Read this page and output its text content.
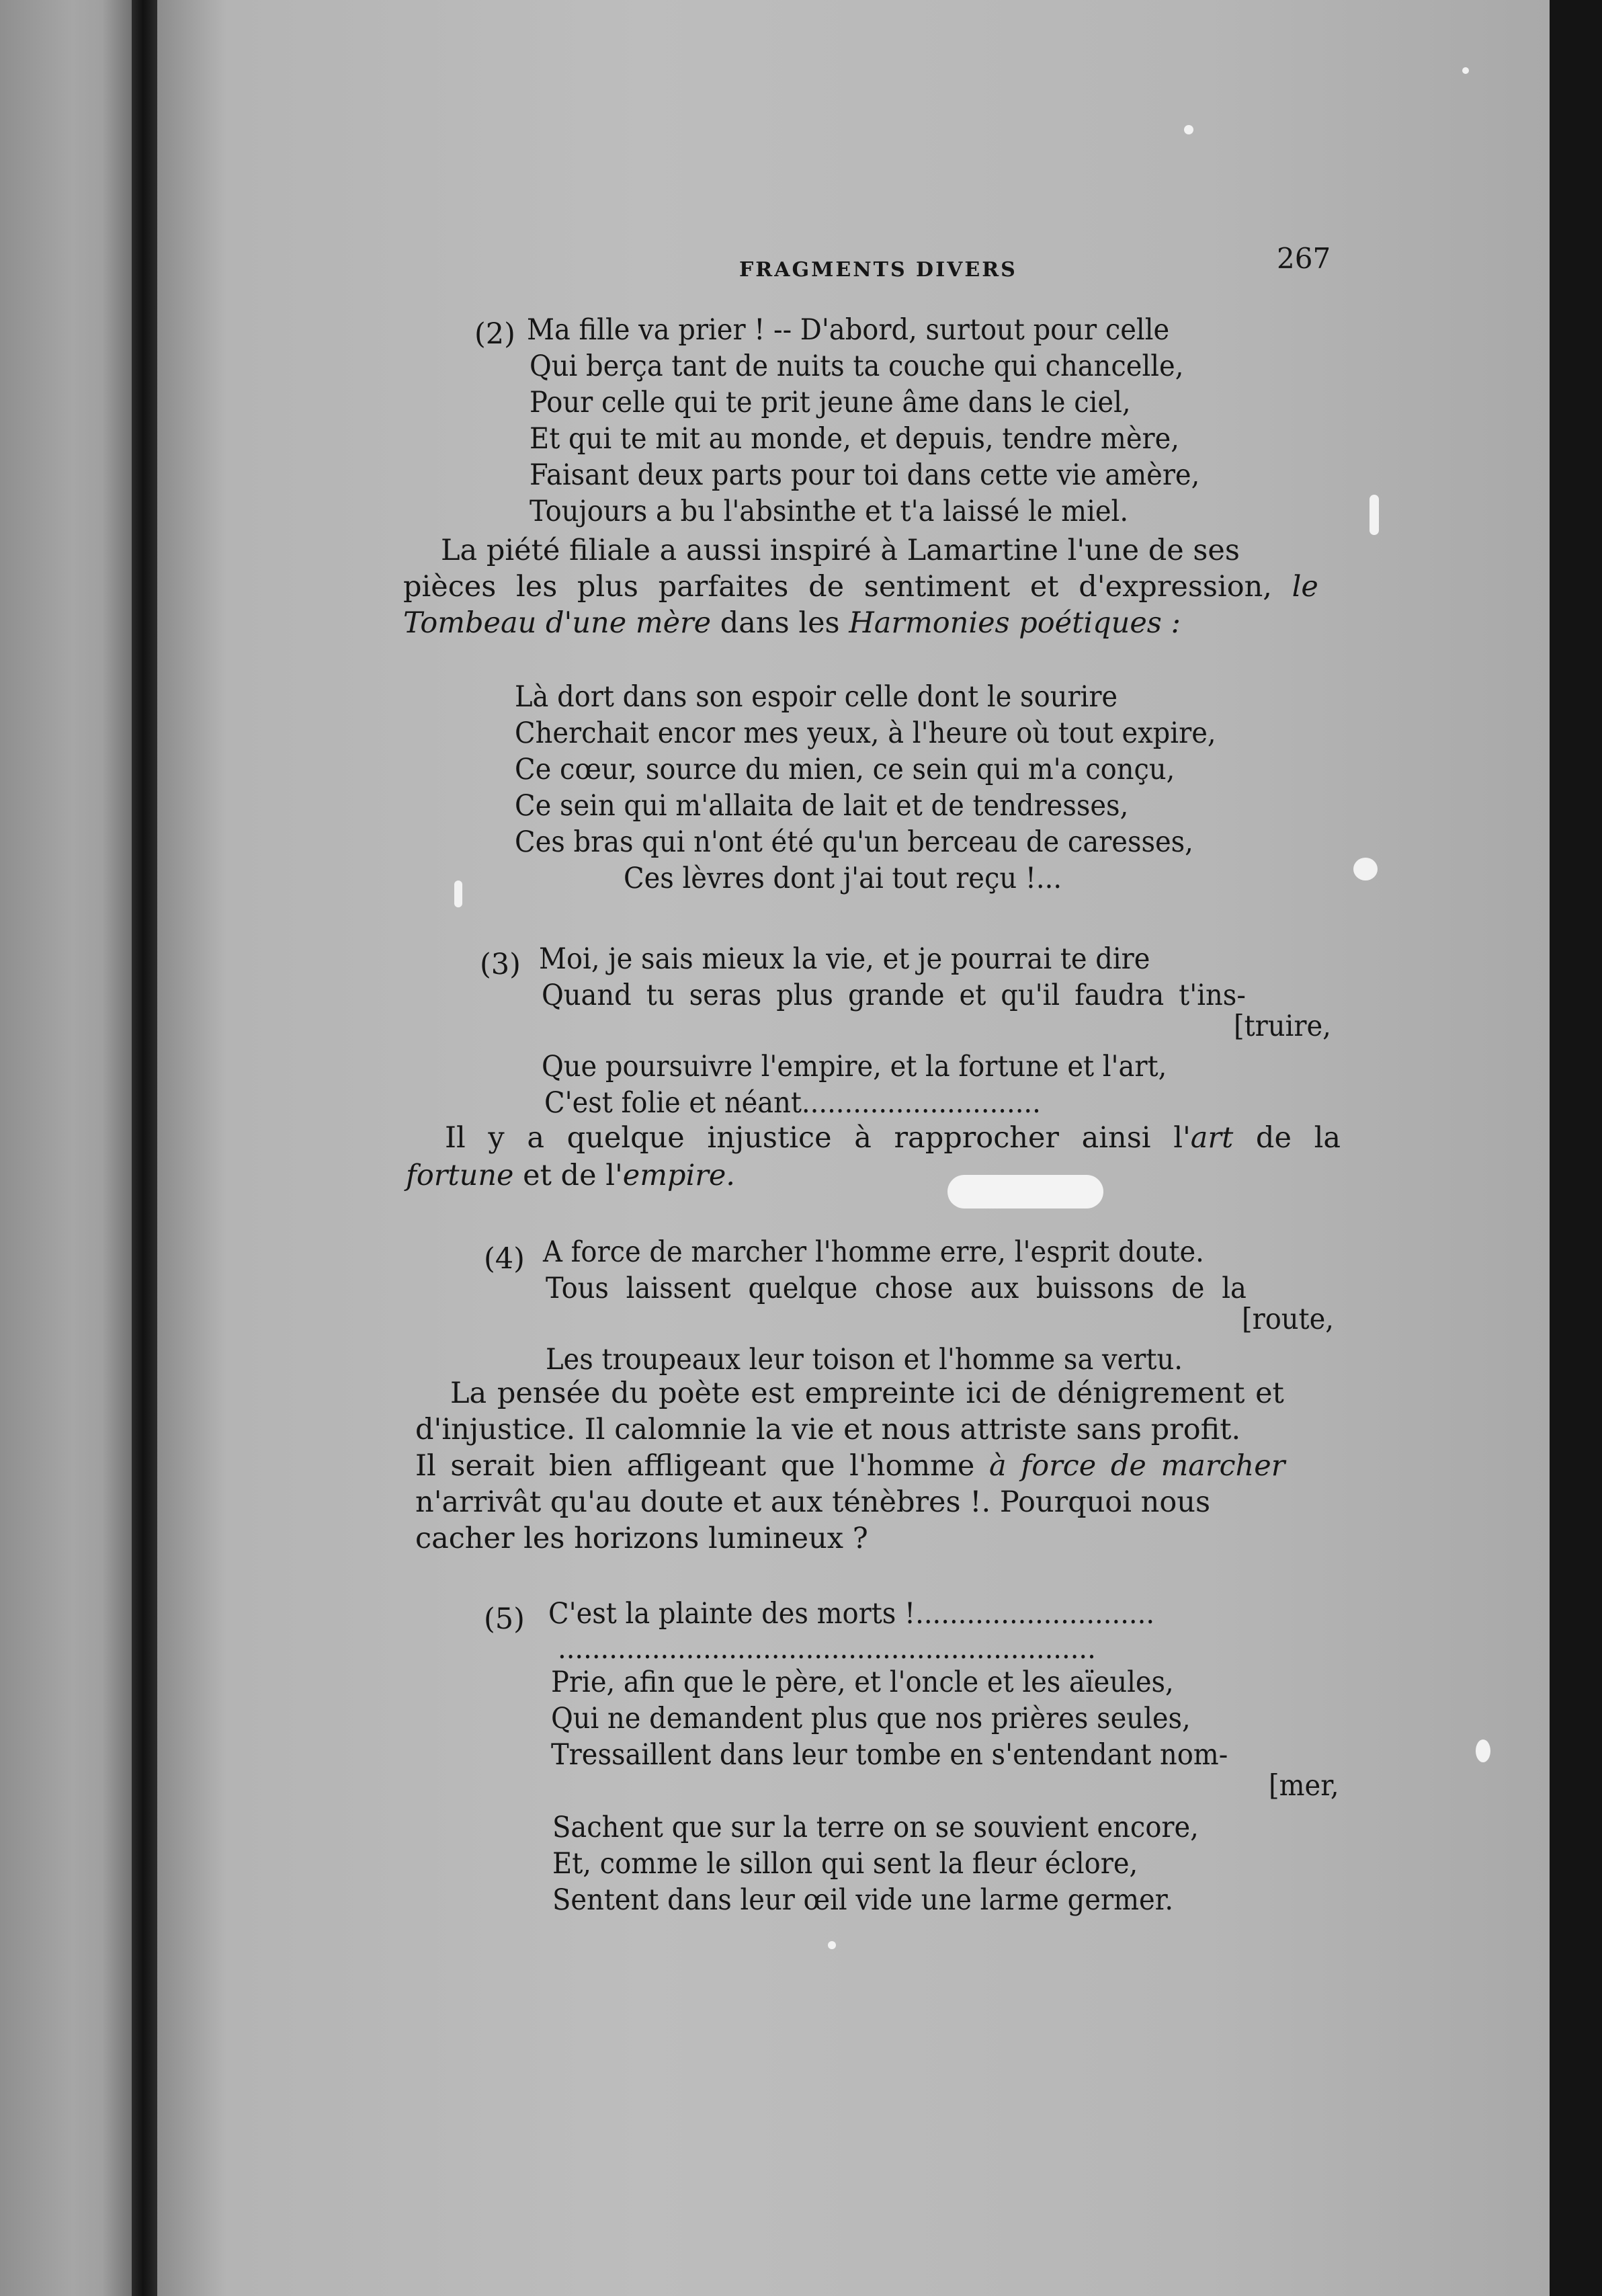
FRAGMENTS DIVERS	267

(2) Ma fille va prier ! -- D'abord, surtout pour celle

Qui berça tant de nuits ta couche qui chancelle,

Pour celle qui te prit jeune âme dans le ciel,

Et qui te mit au monde, et depuis, tendre mère,

Faisant deux parts pour toi dans cette vie amère,

Toujours a bu l'absinthe et t'a laissé le miel.

La piété filiale a aussi inspiré à Lamartine l'une de ses

pièces les plus parfaites de sentiment et d'expression, le

Tombeau d'une mère dans les Harmonies poétiques :

Là dort dans son espoir celle dont le sourire

Cherchait encor mes yeux, à l'heure où tout expire,

Ce cœur, source du mien, ce sein qui m'a conçu,

Ce sein qui m'allaita de lait et de tendresses,

Ces bras qui n'ont été qu'un berceau de caresses,

Ces lèvres dont j'ai tout reçu !...

(3) Moi, je sais mieux la vie, et je pourrai te dire

Quand tu seras plus grande et qu'il faudra t'ins-

[truire,

Que poursuivre l'empire, et la fortune et l'art,

C'est folie et néant............................

Il y a quelque injustice à rapprocher ainsi l'art de la

fortune et de l'empire.

(4) A force de marcher l'homme erre, l'esprit doute.

Tous laissent quelque chose aux buissons de la

[route,

Les troupeaux leur toison et l'homme sa vertu.

La pensée du poète est empreinte ici de dénigrement et

d'injustice. Il calomnie la vie et nous attriste sans profit.

Il serait bien affligeant que l'homme à force de marcher

n'arrivât qu'au doute et aux ténèbres !. Pourquoi nous

cacher les horizons lumineux ?

(5) C'est la plainte des morts !............................

...............................................................

Prie, afin que le père, et l'oncle et les aïeules,

Qui ne demandent plus que nos prières seules,

Tressaillent dans leur tombe en s'entendant nom-

[mer,

Sachent que sur la terre on se souvient encore,

Et, comme le sillon qui sent la fleur éclore,

Sentent dans leur œil vide une larme germer.
